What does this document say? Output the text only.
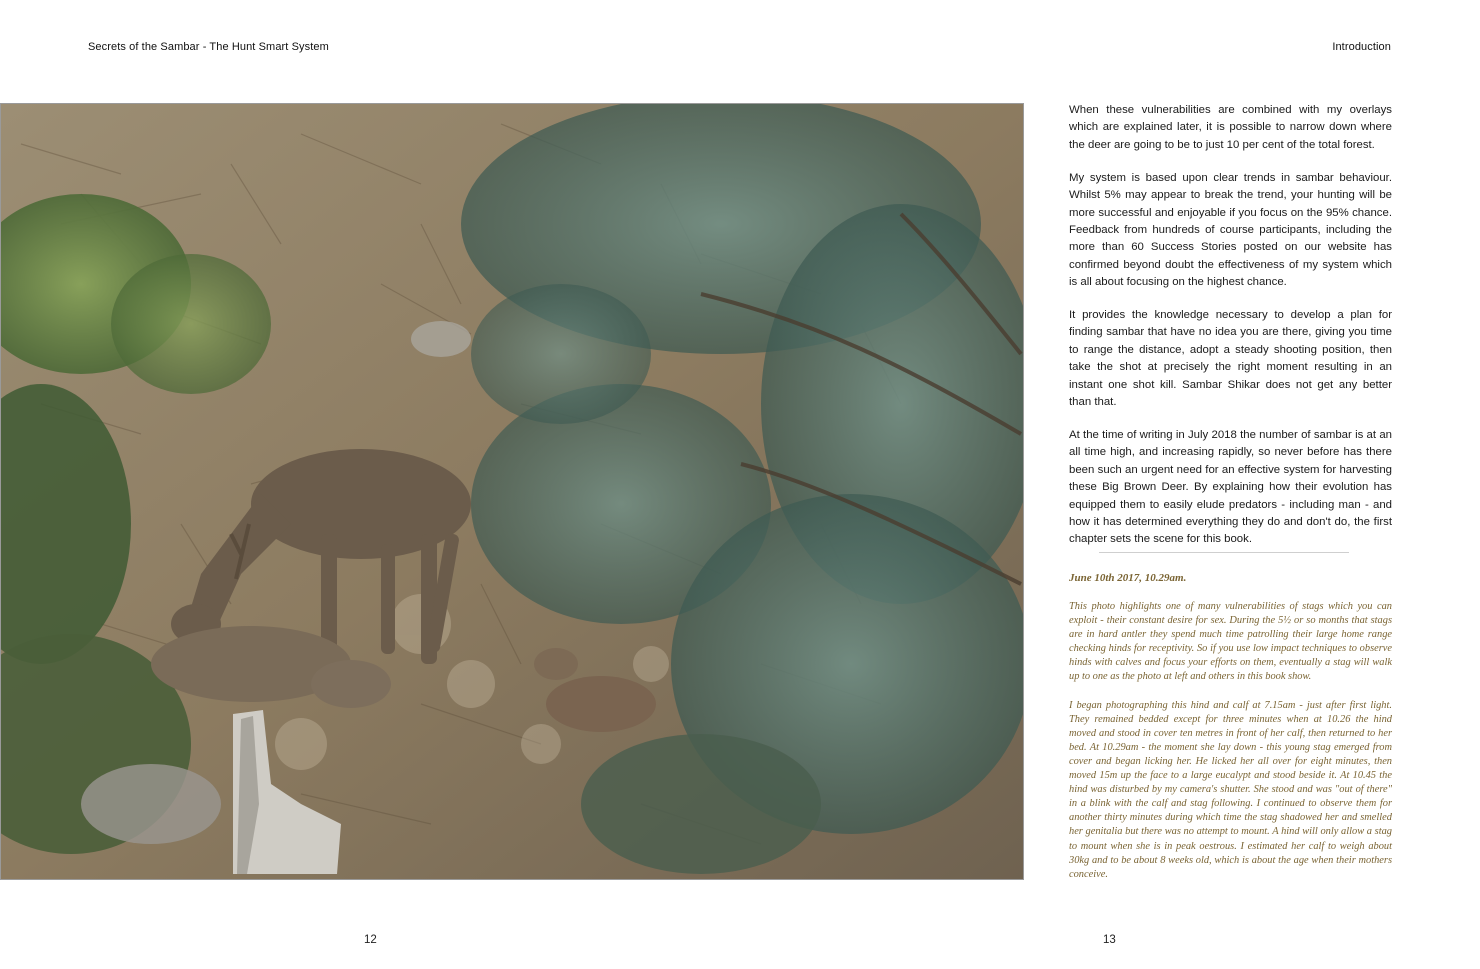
Secrets of the Sambar - The Hunt Smart System	Introduction

When these vulnerabilities are combined with my overlays which are explained later, it is possible to narrow down where the deer are going to be to just 10 per cent of the total forest.

My system is based upon clear trends in sambar behaviour. Whilst 5% may appear to break the trend, your hunting will be more successful and enjoyable if you focus on the 95% chance. Feedback from hundreds of course participants, including the more than 60 Success Stories posted on our website has confirmed beyond doubt the effectiveness of my system which is all about focusing on the highest chance.

It provides the knowledge necessary to develop a plan for finding sambar that have no idea you are there, giving you time to range the distance, adopt a steady shooting position, then take the shot at precisely the right moment resulting in an instant one shot kill. Sambar Shikar does not get any better than that.

At the time of writing in July 2018 the number of sambar is at an all time high, and increasing rapidly, so never before has there been such an urgent need for an effective system for harvesting these Big Brown Deer. By explaining how their evolution has equipped them to easily elude predators - including man - and how it has determined everything they do and don't do, the first chapter sets the scene for this book.

June 10th 2017, 10.29am.

This photo highlights one of many vulnerabilities of stags which you can exploit - their constant desire for sex. During the 5½ or so months that stags are in hard antler they spend much time patrolling their large home range checking hinds for receptivity. So if you use low impact techniques to observe hinds with calves and focus your efforts on them, eventually a stag will walk up to one as the photo at left and others in this book show.

I began photographing this hind and calf at 7.15am - just after first light. They remained bedded except for three minutes when at 10.26 the hind moved and stood in cover ten metres in front of her calf, then returned to her bed. At 10.29am - the moment she lay down - this young stag emerged from cover and began licking her. He licked her all over for eight minutes, then moved 15m up the face to a large eucalypt and stood beside it. At 10.45 the hind was disturbed by my camera's shutter. She stood and was "out of there" in a blink with the calf and stag following. I continued to observe them for another thirty minutes during which time the stag shadowed her and smelled her genitalia but there was no attempt to mount. A hind will only allow a stag to mount when she is in peak oestrous. I estimated her calf to weigh about 30kg and to be about 8 weeks old, which is about the age when their mothers conceive.

12	13
